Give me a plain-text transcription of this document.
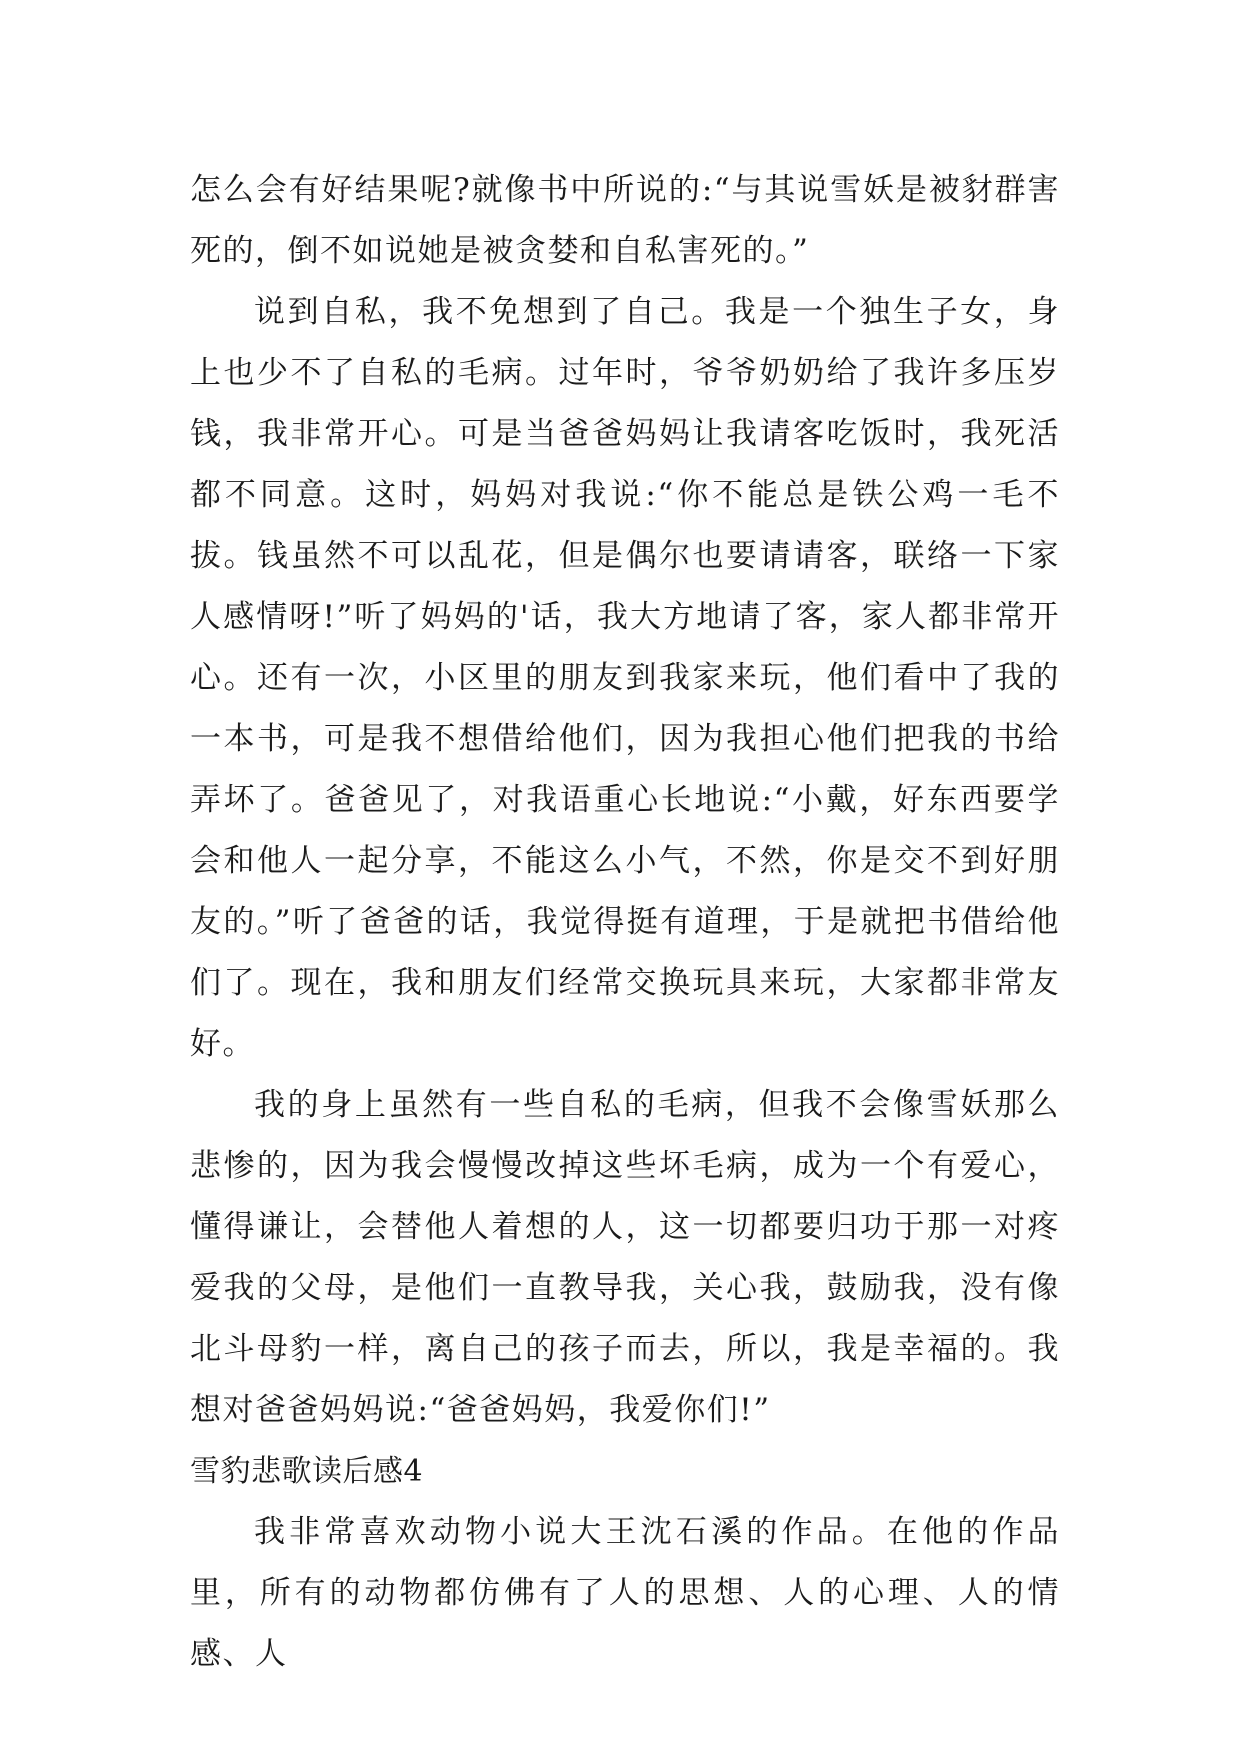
怎么会有好结果呢?就像书中所说的:“与其说雪妖是被豺群害死的，倒不如说她是被贪婪和自私害死的。”

说到自私，我不免想到了自己。我是一个独生子女，身上也少不了自私的毛病。过年时，爷爷奶奶给了我许多压岁钱，我非常开心。可是当爸爸妈妈让我请客吃饭时，我死活都不同意。这时，妈妈对我说:“你不能总是铁公鸡一毛不拔。钱虽然不可以乱花，但是偶尔也要请请客，联络一下家人感情呀!”听了妈妈的'话，我大方地请了客，家人都非常开心。还有一次，小区里的朋友到我家来玩，他们看中了我的一本书，可是我不想借给他们，因为我担心他们把我的书给弄坏了。爸爸见了，对我语重心长地说:“小戴，好东西要学会和他人一起分享，不能这么小气，不然，你是交不到好朋友的。”听了爸爸的话，我觉得挺有道理，于是就把书借给他们了。现在，我和朋友们经常交换玩具来玩，大家都非常友好。

我的身上虽然有一些自私的毛病，但我不会像雪妖那么悲惨的，因为我会慢慢改掉这些坏毛病，成为一个有爱心，懂得谦让，会替他人着想的人，这一切都要归功于那一对疼爱我的父母，是他们一直教导我，关心我，鼓励我，没有像北斗母豹一样，离自己的孩子而去，所以，我是幸福的。我想对爸爸妈妈说:“爸爸妈妈，我爱你们!”

雪豹悲歌读后感4

我非常喜欢动物小说大王沈石溪的作品。在他的作品里，所有的动物都仿佛有了人的思想、人的心理、人的情感、人
